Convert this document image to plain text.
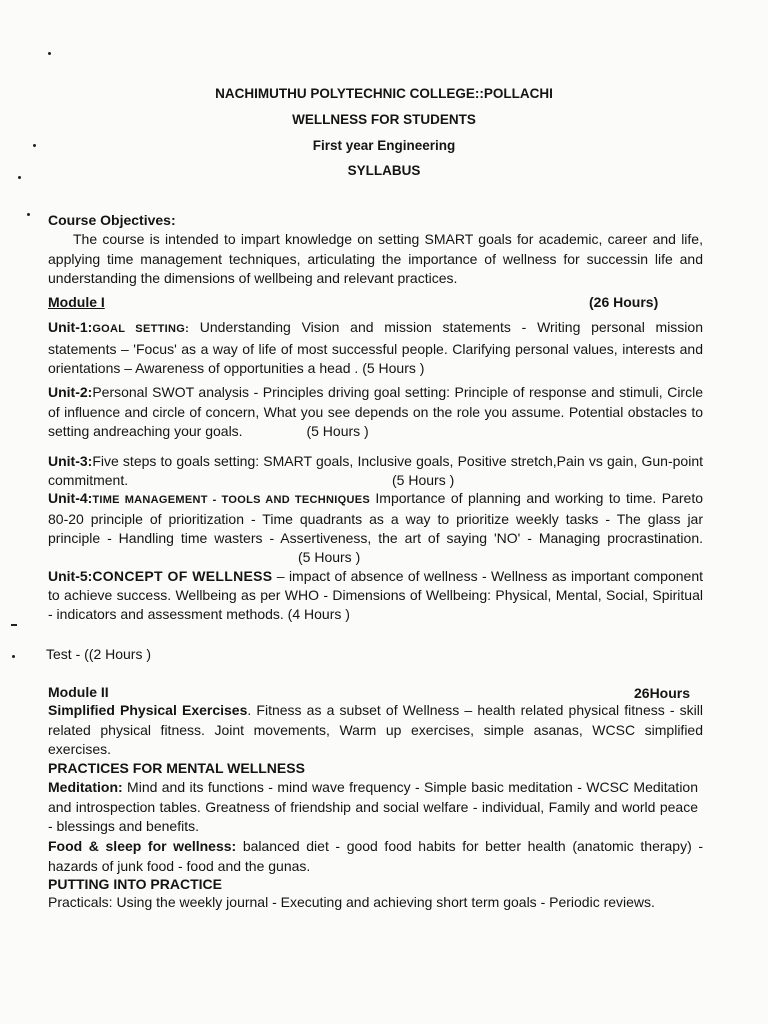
NACHIMUTHU POLYTECHNIC COLLEGE::POLLACHI
WELLNESS FOR STUDENTS
First year Engineering
SYLLABUS
Course Objectives:
The course is intended to impart knowledge on setting SMART goals for academic, career and life, applying time management techniques, articulating the importance of wellness for successin life and understanding the dimensions of wellbeing and relevant practices.
Module I	(26 Hours)
Unit-1:GOAL SETTING: Understanding Vision and mission statements - Writing personal mission statements – 'Focus' as a way of life of most successful people. Clarifying personal values, interests and orientations – Awareness of opportunities a head . (5 Hours )
Unit-2:Personal SWOT analysis - Principles driving goal setting: Principle of response and stimuli, Circle of influence and circle of concern, What you see depends on the role you assume. Potential obstacles to setting andreaching your goals.	(5 Hours )
Unit-3:Five steps to goals setting: SMART goals, Inclusive goals, Positive stretch,Pain vs gain, Gun-point commitment.	(5 Hours )
Unit-4:TIME MANAGEMENT - TOOLS AND TECHNIQUES Importance of planning and working to time. Pareto 80-20 principle of prioritization - Time quadrants as a way to prioritize weekly tasks - The glass jar principle - Handling time wasters - Assertiveness, the art of saying 'NO' - Managing procrastination. (5 Hours )
Unit-5:CONCEPT OF WELLNESS – impact of absence of wellness - Wellness as important component to achieve success. Wellbeing as per WHO - Dimensions of Wellbeing: Physical, Mental, Social, Spiritual - indicators and assessment methods. (4 Hours )
Test - ((2 Hours )
Module II	26Hours
Simplified Physical Exercises. Fitness as a subset of Wellness – health related physical fitness - skill related physical fitness. Joint movements, Warm up exercises, simple asanas, WCSC simplified exercises.
PRACTICES FOR MENTAL WELLNESS
Meditation: Mind and its functions - mind wave frequency - Simple basic meditation - WCSC Meditation and introspection tables. Greatness of friendship and social welfare - individual, Family and world peace - blessings and benefits.
Food & sleep for wellness: balanced diet - good food habits for better health (anatomic therapy) - hazards of junk food - food and the gunas.
PUTTING INTO PRACTICE
Practicals: Using the weekly journal - Executing and achieving short term goals - Periodic reviews.
